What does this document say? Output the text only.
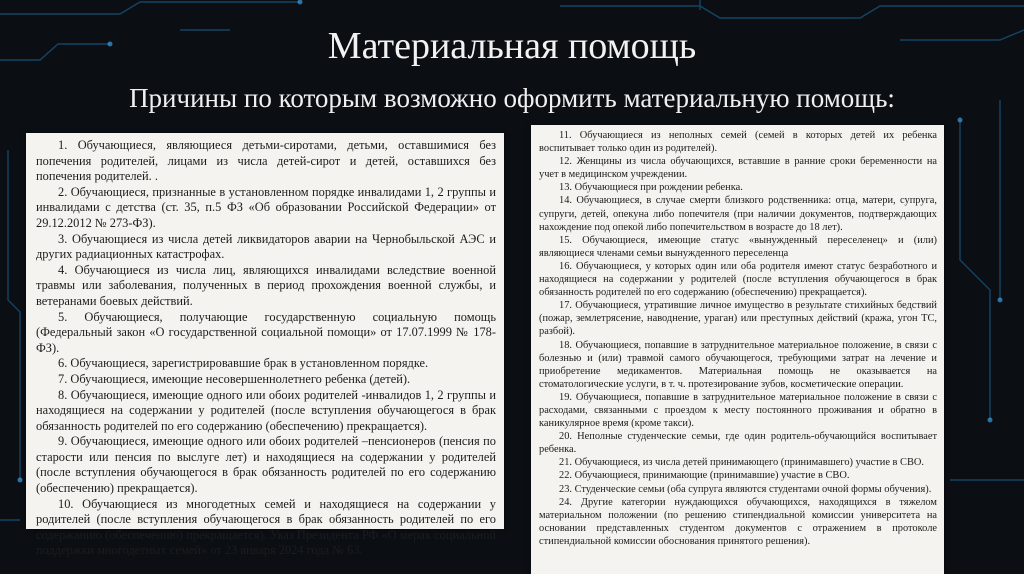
Материальная помощь
Причины по которым возможно оформить материальную помощь:

1. Обучающиеся, являющиеся детьми-сиротами, детьми, оставшимися без попечения родителей, лицами из числа детей-сирот и детей, оставшихся без попечения родителей. .

2. Обучающиеся, признанные в установленном порядке инвалидами 1, 2 группы и инвалидами с детства (ст. 35, п.5 ФЗ «Об образовании Российской Федерации» от 29.12.2012 № 273-ФЗ).

3. Обучающиеся из числа детей ликвидаторов аварии на Чернобыльской АЭС и других радиационных катастрофах.

4. Обучающиеся из числа лиц, являющихся инвалидами вследствие военной травмы или заболевания, полученных в период прохождения военной службы, и ветеранами боевых действий.

5. Обучающиеся, получающие государственную социальную помощь (Федеральный закон «О государственной социальной помощи» от 17.07.1999 № 178-ФЗ).

6. Обучающиеся, зарегистрировавшие брак в установленном порядке.

7. Обучающиеся, имеющие несовершеннолетнего ребенка (детей).

8. Обучающиеся, имеющие одного или обоих родителей -инвалидов 1, 2 группы и находящиеся на содержании у родителей (после вступления обучающегося в брак обязанность родителей по его содержанию (обеспечению) прекращается).

9. Обучающиеся, имеющие одного или обоих родителей –пенсионеров (пенсия по старости или пенсия по выслуге лет) и находящиеся на содержании у родителей (после вступления обучающегося в брак обязанность родителей по его содержанию (обеспечению) прекращается).

10. Обучающиеся из многодетных семей и находящиеся на содержании у родителей (после вступления обучающегося в брак обязанность родителей по его содержанию (обеспечению) прекращается). Указ Президента РФ «О мерах социальной поддержки многодетных семей» от 23 января 2024 года № 63.

11. Обучающиеся из неполных семей (семей в которых детей их ребенка воспитывает только один из родителей).

12. Женщины из числа обучающихся, вставшие в ранние сроки беременности на учет в медицинском учреждении.

13. Обучающиеся при рождении ребенка.

14. Обучающиеся, в случае смерти близкого родственника: отца, матери, супруга, супруги, детей, опекуна либо попечителя (при наличии документов, подтверждающих нахождение под опекой либо попечительством в возрасте до 18 лет).

15. Обучающиеся, имеющие статус «вынужденный переселенец» и (или) являющиеся членами семьи вынужденного переселенца

16. Обучающиеся, у которых один или оба родителя имеют статус безработного и находящиеся на содержании у родителей (после вступления обучающегося в брак обязанность родителей по его содержанию (обеспечению) прекращается).

17. Обучающиеся, утратившие личное имущество в результате стихийных бедствий (пожар, землетрясение, наводнение, ураган) или преступных действий (кража, угон ТС, разбой).

18. Обучающиеся, попавшие в затруднительное материальное положение, в связи с болезнью и (или) травмой самого обучающегося, требующими затрат на лечение и приобретение медикаментов. Материальная помощь не оказывается на стоматологические услуги, в т. ч. протезирование зубов, косметические операции.

19. Обучающиеся, попавшие в затруднительное материальное положение в связи с расходами, связанными с проездом к месту постоянного проживания и обратно в каникулярное время (кроме такси).

20. Неполные студенческие семьи, где один родитель-обучающийся воспитывает ребенка.

21. Обучающиеся, из числа детей принимающего (принимавшего) участие в СВО.

22. Обучающиеся, принимающие (принимавшие) участие в СВО.

23. Студенческие семьи (оба супруга являются студентами очной формы обучения).

24. Другие категории нуждающихся обучающихся, находящихся в тяжелом материальном положении (по решению стипендиальной комиссии университета на основании представленных студентом документов с отражением в протоколе стипендиальной комиссии обоснования принятого решения).
